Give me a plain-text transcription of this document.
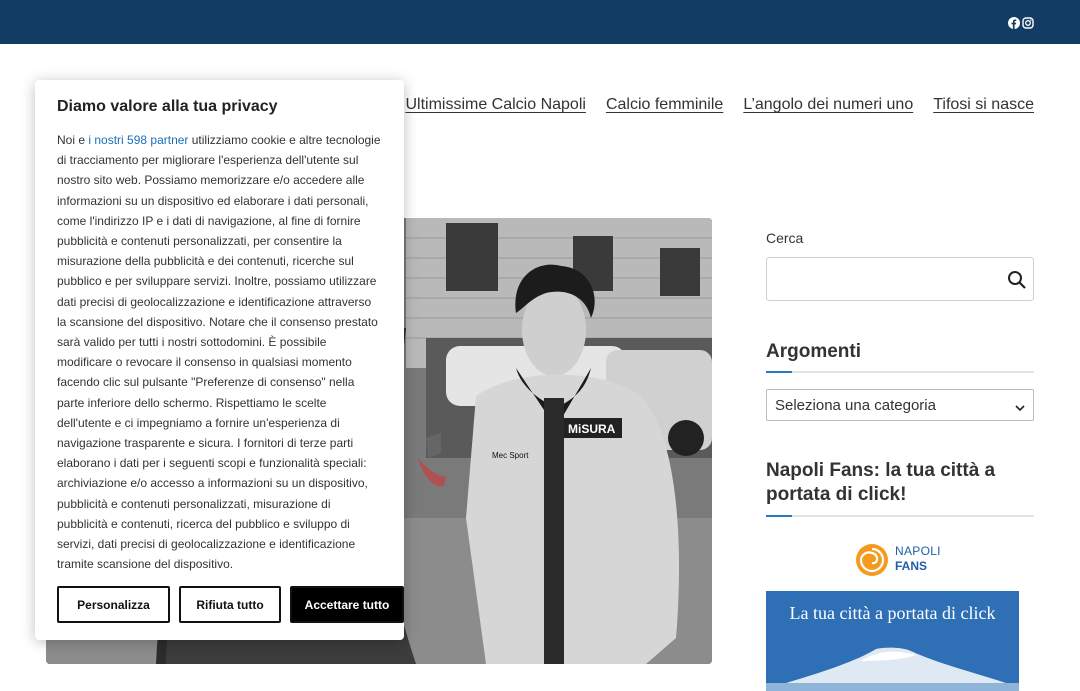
Ultimissime Calcio Napoli Calcio femminile L’angolo dei numeri uno Tifosi si nasce
MiSURA
Mec Sport
Cerca
Argomenti
Seleziona una categoria
Napoli Fans: la tua città a portata di click!
NAPOLI
FANS
La tua città a portata di click
Diamo valore alla tua privacy

Noi e i nostri 598 partner utilizziamo cookie e altre tecnologie di tracciamento per migliorare l'esperienza dell'utente sul nostro sito web. Possiamo memorizzare e/o accedere alle informazioni su un dispositivo ed elaborare i dati personali, come l'indirizzo IP e i dati di navigazione, al fine di fornire pubblicità e contenuti personalizzati, per consentire la misurazione della pubblicità e dei contenuti, ricerche sul pubblico e per sviluppare servizi. Inoltre, possiamo utilizzare dati precisi di geolocalizzazione e identificazione attraverso la scansione del dispositivo. Notare che il consenso prestato sarà valido per tutti i nostri sottodomini. È possibile modificare o revocare il consenso in qualsiasi momento facendo clic sul pulsante "Preferenze di consenso" nella parte inferiore dello schermo. Rispettiamo le scelte dell'utente e ci impegniamo a fornire un'esperienza di navigazione trasparente e sicura. I fornitori di terze parti elaborano i dati per i seguenti scopi e funzionalità speciali: archiviazione e/o accesso a informazioni su un dispositivo, pubblicità e contenuti personalizzati, misurazione di pubblicità e contenuti, ricerca del pubblico e sviluppo di servizi, dati precisi di geolocalizzazione e identificazione tramite scansione del dispositivo.

Personalizza	Rifiuta tutto	Accettare tutto
